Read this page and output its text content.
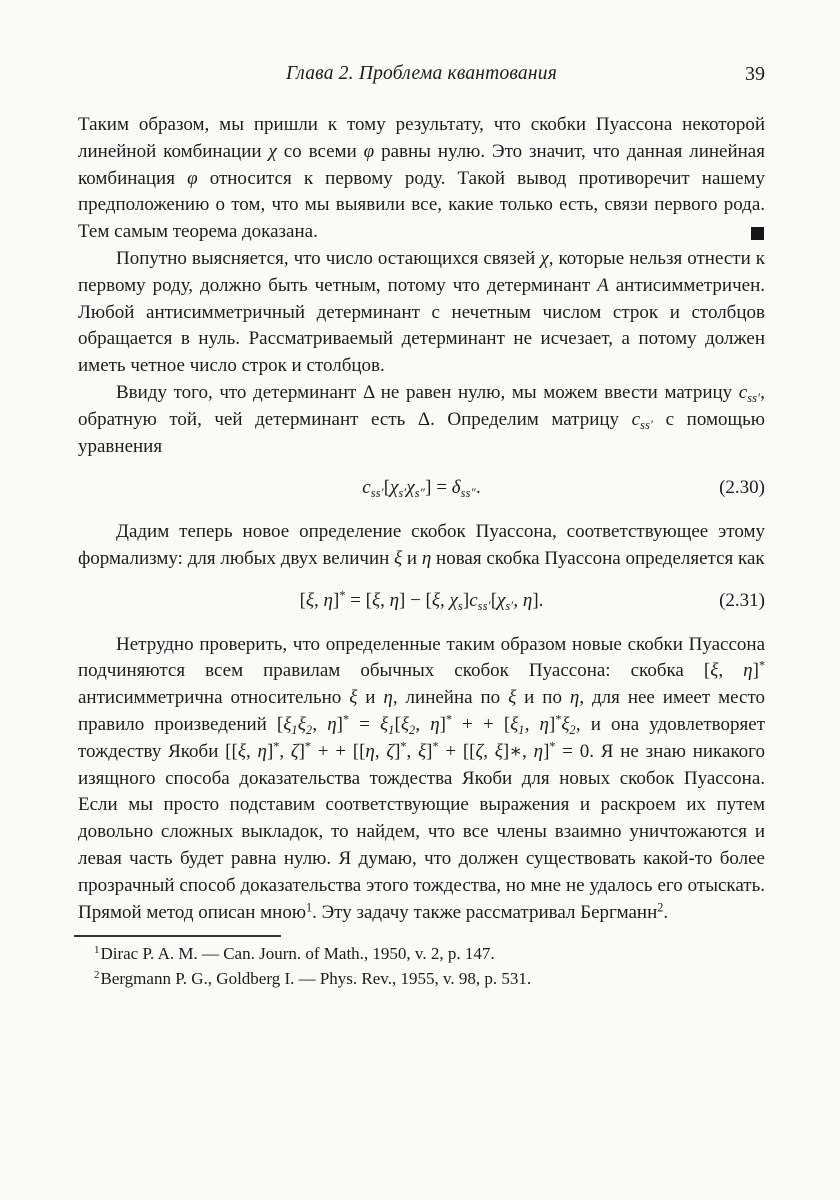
Глава 2. Проблема квантования	39

Таким образом, мы пришли к тому результату, что скобки Пуассона некоторой линейной комбинации χ со всеми φ равны нулю. Это значит, что данная линейная комбинация φ относится к первому роду. Такой вывод противоречит нашему предположению о том, что мы выявили все, какие только есть, связи первого рода. Тем самым теорема доказана.

Попутно выясняется, что число остающихся связей χ, которые нельзя отнести к первому роду, должно быть четным, потому что детерминант A антисимметричен. Любой антисимметричный детерминант с нечетным числом строк и столбцов обращается в нуль. Рассматриваемый детерминант не исчезает, а потому должен иметь четное число строк и столбцов.

Ввиду того, что детерминант Δ не равен нулю, мы можем ввести матрицу $c_{ss'}$, обратную той, чей детерминант есть Δ. Определим матрицу $c_{ss'}$ с помощью уравнения

$c_{ss'}[\chi_{s'}\chi_{s''}] = \delta_{ss''}$.	(2.30)

Дадим теперь новое определение скобок Пуассона, соответствующее этому формализму: для любых двух величин ξ и η новая скобка Пуассона определяется как

[ξ, η]* = [ξ, η] − [ξ, $\chi_s]c_{ss'}[\chi_{s'}$, η].	(2.31)

Нетрудно проверить, что определенные таким образом новые скобки Пуассона подчиняются всем правилам обычных скобок Пуассона: скобка [ξ, η]* антисимметрична относительно ξ и η, линейна по ξ и по η, для нее имеет место правило произведений [$\xi_1\xi_2$, $\eta]^* = \xi_1[\xi_2$, η]* + + [$\xi_1$, $\eta]^*\xi_2$, и она удовлетворяет тождеству Якоби [[ξ, η]*, ζ]* + + [[η, ζ]*, ξ]* + [[ζ, ξ]∗, η]* = 0. Я не знаю никакого изящного способа доказательства тождества Якоби для новых скобок Пуассона. Если мы просто подставим соответствующие выражения и раскроем их путем довольно сложных выкладок, то найдем, что все члены взаимно уничтожаются и левая часть будет равна нулю. Я думаю, что должен существовать какой-то более прозрачный способ доказательства этого тождества, но мне не удалось его отыскать. Прямой метод описан мною$^1$. Эту задачу также рассматривал Бергманн$^2$.

$^1$Dirac P. A. M. — Can. Journ. of Math., 1950, v. 2, p. 147.
$^2$Bergmann P. G., Goldberg I. — Phys. Rev., 1955, v. 98, p. 531.
